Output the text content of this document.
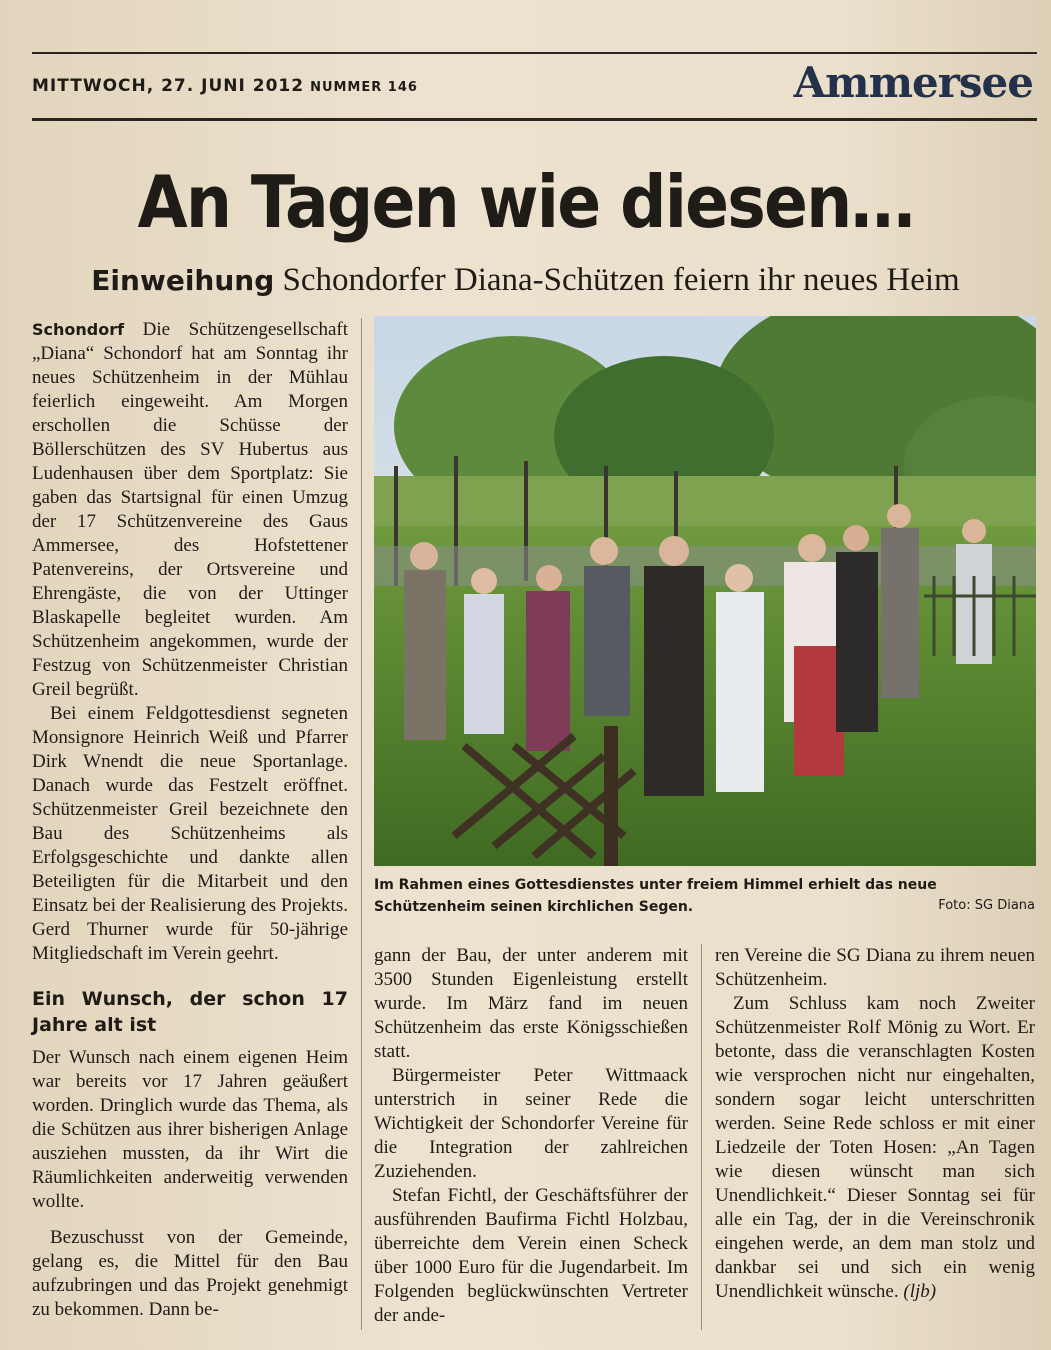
MITTWOCH, 27. JUNI 2012 NUMMER 146	Ammersee
An Tagen wie diesen…
Einweihung Schondorfer Diana-Schützen feiern ihr neues Heim

Schondorf Die Schützengesellschaft „Diana“ Schondorf hat am Sonntag ihr neues Schützenheim in der Mühlau feierlich eingeweiht. Am Morgen erschollen die Schüsse der Böllerschützen des SV Hubertus aus Ludenhausen über dem Sportplatz: Sie gaben das Startsignal für einen Umzug der 17 Schützenvereine des Gaus Ammersee, des Hofstettener Patenvereins, der Ortsvereine und Ehrengäste, die von der Uttinger Blaskapelle begleitet wurden. Am Schützenheim angekommen, wurde der Festzug von Schützenmeister Christian Greil begrüßt.

Bei einem Feldgottesdienst segneten Monsignore Heinrich Weiß und Pfarrer Dirk Wnendt die neue Sportanlage. Danach wurde das Festzelt eröffnet. Schützenmeister Greil bezeichnete den Bau des Schützenheims als Erfolgsgeschichte und dankte allen Beteiligten für die Mitarbeit und den Einsatz bei der Realisierung des Projekts. Gerd Thurner wurde für 50-jährige Mitgliedschaft im Verein geehrt.

Ein Wunsch, der schon 17 Jahre alt ist

Der Wunsch nach einem eigenen Heim war bereits vor 17 Jahren geäußert worden. Dringlich wurde das Thema, als die Schützen aus ihrer bisherigen Anlage ausziehen mussten, da ihr Wirt die Räumlichkeiten anderweitig verwenden wollte.

Bezuschusst von der Gemeinde, gelang es, die Mittel für den Bau aufzubringen und das Projekt genehmigt zu bekommen. Dann be-

Im Rahmen eines Gottesdienstes unter freiem Himmel erhielt das neue Schützenheim seinen kirchlichen Segen.	Foto: SG Diana

gann der Bau, der unter anderem mit 3500 Stunden Eigenleistung erstellt wurde. Im März fand im neuen Schützenheim das erste Königsschießen statt.

Bürgermeister Peter Wittmaack unterstrich in seiner Rede die Wichtigkeit der Schondorfer Vereine für die Integration der zahlreichen Zuziehenden.

Stefan Fichtl, der Geschäftsführer der ausführenden Baufirma Fichtl Holzbau, überreichte dem Verein einen Scheck über 1000 Euro für die Jugendarbeit. Im Folgenden beglückwünschten Vertreter der ande-

ren Vereine die SG Diana zu ihrem neuen Schützenheim.

Zum Schluss kam noch Zweiter Schützenmeister Rolf Mönig zu Wort. Er betonte, dass die veranschlagten Kosten wie versprochen nicht nur eingehalten, sondern sogar leicht unterschritten werden. Seine Rede schloss er mit einer Liedzeile der Toten Hosen: „An Tagen wie diesen wünscht man sich Unendlichkeit.“ Dieser Sonntag sei für alle ein Tag, der in die Vereinschronik eingehen werde, an dem man stolz und dankbar sei und sich ein wenig Unendlichkeit wünsche. (ljb)
